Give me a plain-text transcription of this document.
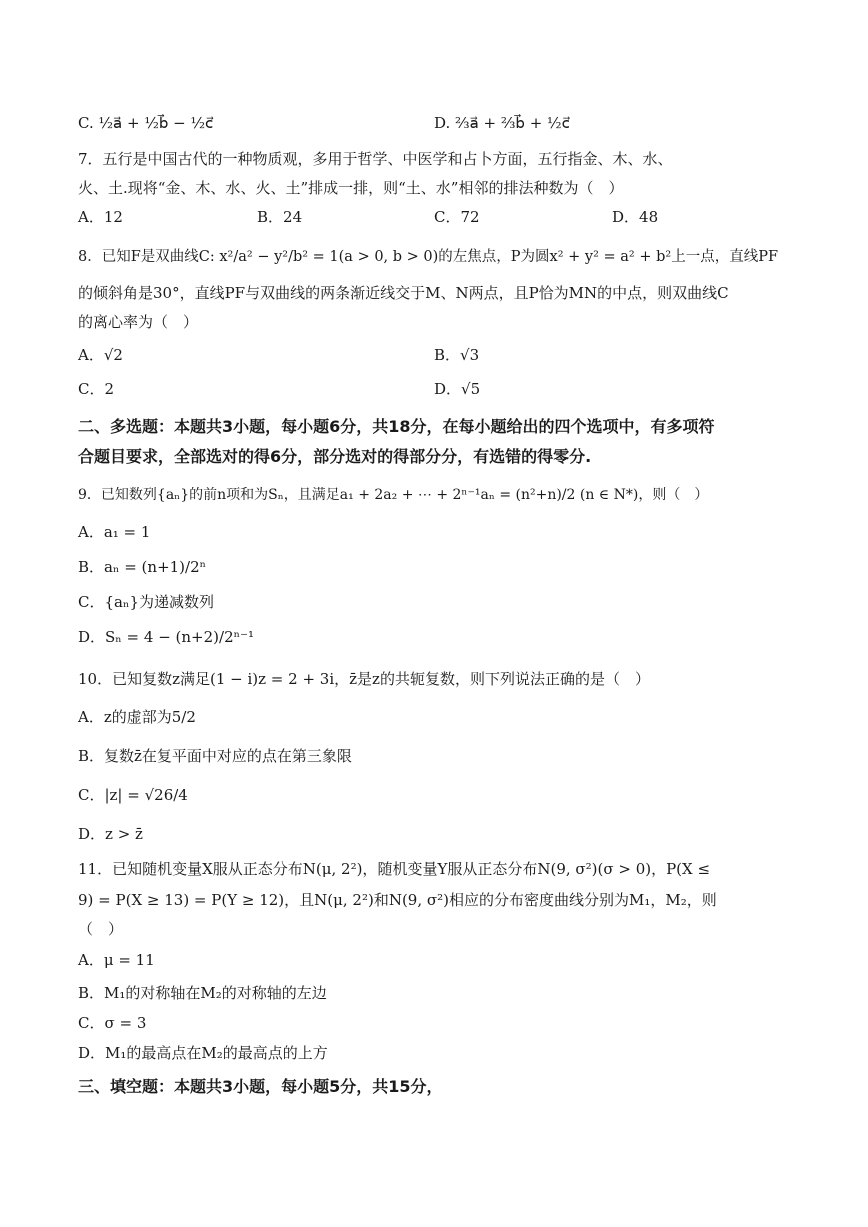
C. ½a⃗ + ½b⃗ − ½c⃗	D. ⅔a⃗ + ⅔b⃗ + ½c⃗
7．五行是中国古代的一种物质观，多用于哲学、中医学和占卜方面，五行指金、木、水、
火、土.现将“金、木、水、火、土”排成一排，则“土、水”相邻的排法种数为（　）
A．12	B．24	C．72	D．48
8．已知F是双曲线C: x²/a² − y²/b² = 1(a > 0, b > 0)的左焦点，P为圆x² + y² = a² + b²上一点，直线PF
的倾斜角是30°，直线PF与双曲线的两条渐近线交于M、N两点，且P恰为MN的中点，则双曲线C
的离心率为（　）
A．√2	B．√3
C．2	D．√5
二、多选题：本题共3小题，每小题6分，共18分，在每小题给出的四个选项中，有多项符
合题目要求，全部选对的得6分，部分选对的得部分分，有选错的得零分.
9．已知数列{aₙ}的前n项和为Sₙ，且满足a₁ + 2a₂ + ⋯ + 2ⁿ⁻¹aₙ = (n²+n)/2 (n ∈ N*)，则（　）
A．a₁ = 1
B．aₙ = (n+1)/2ⁿ
C．{aₙ}为递减数列
D．Sₙ = 4 − (n+2)/2ⁿ⁻¹
10．已知复数z满足(1 − i)z = 2 + 3i，z̄是z的共轭复数，则下列说法正确的是（　）
A．z的虚部为5/2
B．复数z̄在复平面中对应的点在第三象限
C．|z| = √26/4
D．z > z̄
11．已知随机变量X服从正态分布N(μ, 2²)，随机变量Y服从正态分布N(9, σ²)(σ > 0)，P(X ≤
9) = P(X ≥ 13) = P(Y ≥ 12)，且N(μ, 2²)和N(9, σ²)相应的分布密度曲线分别为M₁，M₂，则
（　）
A．μ = 11
B．M₁的对称轴在M₂的对称轴的左边
C．σ = 3
D．M₁的最高点在M₂的最高点的上方
三、填空题：本题共3小题，每小题5分，共15分，
